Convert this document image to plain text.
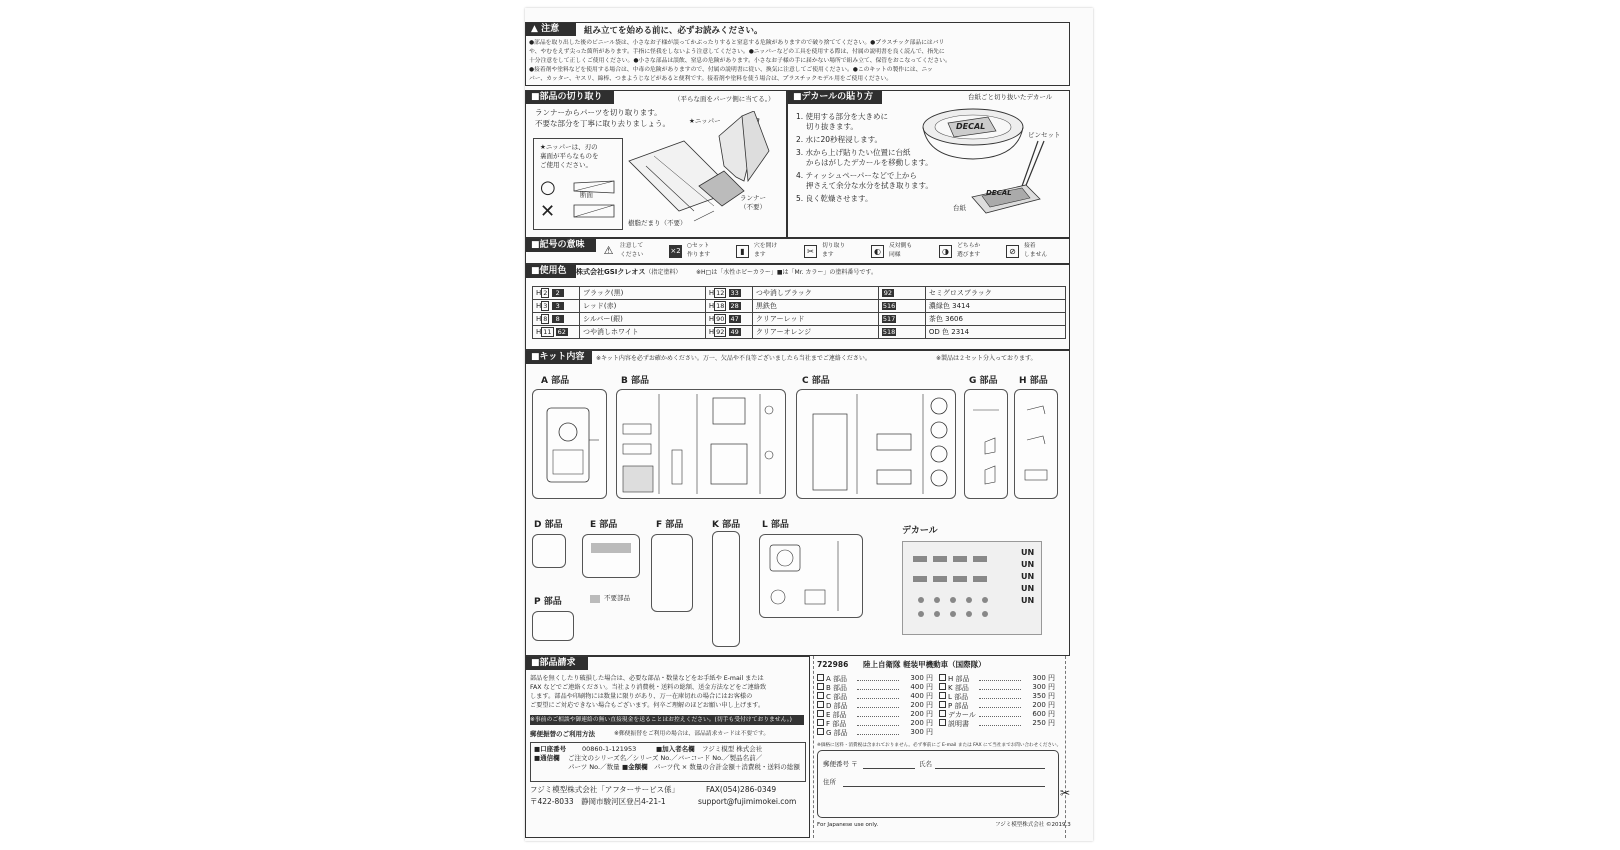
▲ 注意	組み立てを始める前に、必ずお読みください。
●部品を取り出した後のビニール袋は、小さなお子様が誤ってかぶったりすると窒息する危険がありますので破り捨ててください。●プラスチック部品にはバリ
や、やむをえず尖った箇所があります。手指に怪我をしないよう注意してください。●ニッパーなどの工具を使用する際は、付属の説明書を良く読んで、指先に
十分注意をして正しくご使用ください。●小さな部品は誤飲、窒息の危険があります。小さなお子様の手に届かない場所で組み立て、保管をおこなってください。
●接着剤や塗料などを使用する場合は、中毒の危険がありますので、付属の説明書に従い、換気に注意してご使用ください。●このキットの製作には、ニッ
パー、カッター、ヤスリ、綿棒、つまようじなどがあると便利です。接着剤や塗料を使う場合は、プラスチックモデル用をご使用ください。
■部品の切り取り	（平らな面をパーツ側に当てる。）
ランナーからパーツを切り取ります。
不要な部分を丁寧に取り去りましょう。	★ニッパー
★ニッパーは、刃の
裏面が平らなものを
ご使用ください。
○
✕
断面	ランナー
（不要）
樹脂だまり（不要）
■デカールの貼り方	台紙ごと切り抜いたデカール
1. 使用する部分を大きめに
切り抜きます。
2. 水に20秒程浸します。
3. 水から上げ貼りたい位置に台紙
からはがしたデカールを移動します。
4. ティッシュペーパーなどで上から
押さえて余分な水分を拭き取ります。
5. 良く乾燥させます。
DECAL
ピンセット
DECAL
台紙
■記号の意味	⚠ 注意して
ください	×2
○セット
作ります	▮
穴を開け
ます	✂
切り取り
ます	◐
反対側も
同様	◑
どちらか
選びます	⊘
接着
しません
■使用色	株式会社GSIクレオス（指定塗料） ※H□は「水性ホビーカラー」■は「Mr. カラー」の塗料番号です。
H 2 2	ブラック(黒)	H 12 33	つや消しブラック	92	セミグロスブラック
H 3 3	レッド(赤)	H 18 28	黒鉄色	516	濃緑色 3414
H 8 8	シルバー(銀)	H 90 47	クリアーレッド	517	茶色 3606
H 11 62	つや消しホワイト	H 92 49	クリアーオレンジ	518	OD 色 2314
■キット内容	※キット内容を必ずお確かめください。万一、欠品や不良等ございましたら当社までご連絡ください。	※製品は２セット分入っております。
A 部品	B 部品	C 部品	G 部品 H 部品
D 部品	E 部品	F 部品	K 部品 L 部品
デカール
P 部品	不要部品
UN
UN
UN
UN
UN
■部品請求
部品を無くしたり破損した場合は、必要な部品・数量などをお手紙や E-mail または
FAX などでご連絡ください。当社より消費税・送料の総額、送金方法などをご連絡致
します。部品や印刷物には数量に限りがあり、万一在庫切れの場合にはお客様の
ご要望にご対応できない場合もございます。何卒ご理解のほどお願い申し上げます。
※事前のご相談や御連絡の無い直接現金を送ることはお控えください。(切手も受付けておりません。)
郵便振替のご利用方法	※郵便振替をご利用の場合は、部品請求カードは不要です。
■口座番号 00860-1-121953	■加入者名欄 フジミ模型 株式会社
■通信欄 ご注文のシリーズ名／シリーズ No.／バーコード No.／製品名前／
パーツ No.／数量 ■金額欄 パーツ代 × 数量の合計金額＋消費税・送料の総額
フジミ模型株式会社「アフターサービス係」	FAX(054)286-0349
〒422-8033　静岡市駿河区登呂4-21-1	support@fujimimokei.com
✂
722986 陸上自衛隊 軽装甲機動車（国際隊）
A 部品	300 円
B 部品	400 円
C 部品	400 円
D 部品	200 円
E 部品	200 円
F 部品	200 円
G 部品	300 円
H 部品	300 円
K 部品	300 円
L 部品	350 円
P 部品	200 円
デカール	600 円
説明書	250 円
※価格に送料・消費税は含まれておりません。必ず事前にご E-mail または FAX にて当社までお問い合わせください。
郵便番号 〒	氏名
住所
For Japanese use only.	フジミ模型株式会社 ©2019.3
